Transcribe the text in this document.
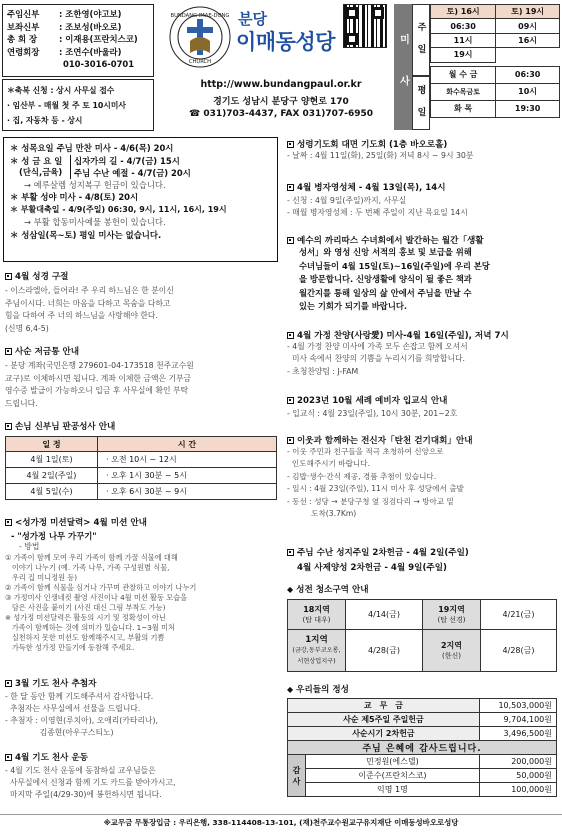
주임신부 : 조한영(야고보)
보좌신부 : 조보성(바오로)
총 회 장	: 이재용(프란치스코)
연령회장 : 조연수(바울라)
010-3016-0701
＊축복 신청 : 상시 사무실 접수
· 임산부 - 매월 첫 주 토 10시미사
· 집, 자동차 등 - 상시
BUNDANG IMAE-DONG
CHURCH
분당
이매동성당
http://www.bundangpaul.or.kr
경기도 성남시 분당구 양현로 170
☎ 031)703-4437, FAX 031)707-6950
미 사 주 일
평 일
토) 16시	토) 19시
06:30	09시
11시	16시
19시	

월 수 금	06:30
화수목금토	10시
화 목	19:30
＊ 성목요일 주님 만찬 미사 - 4/6(목) 20시
＊ 성 금 요 일
(단식,금육)
십자가의 길 - 4/7(금) 15시
주님 수난 예절 - 4/7(금) 20시
→ 예루살렘 성지복구 헌금이 있습니다.
＊ 부활 성야 미사 - 4/8(토) 20시
＊ 부활대축일 - 4/9(주일) 06:30, 9시, 11시, 16시, 19시
→ 부활 합동미사예물 봉헌이 있습니다.
＊ 성삼일(목~토) 평일 미사는 없습니다.
4월 성경 구절
- 이스라엘아, 들어라! 주 우리 하느님은 한 분이신
주님이시다. 너희는 마음을 다하고 목숨을 다하고
힘을 다하여 주 너의 하느님을 사랑해야 한다.
(신명 6,4-5)
사순 저금통 안내
- 분당 계좌(국민은행 279601-04-173518 천주교수원
교구)로 이체하시면 됩니다. 계좌 이체한 금액은 기부금
영수증 발급이 가능하오니 입금 후 사무실에 확인 부탁
드립니다.
손님 신부님 판공성사 안내
일 정	시 간
4월 1일(토)	· 오전 10시 ~ 12시
4월 2일(주일)	· 오후 1시 30분 ~ 5시
4월 5일(수)	· 오후 6시 30분 ~ 9시
<성가정 미션달력> 4월 미션 안내
- "성가정 나무 가꾸기"
- 방법
① 가족이 함께 모여 우리 가족이 함께 가꿀 식물에 대해
이야기 나누기 (예. 가족 나무, 가족 구성원별 식물,
우리 집 미니정원 등)
② 가족이 함께 식물을 심거나 가꾸며 관찰하고 이야기 나누기
③ 가정미사 인생네컷 촬영 사진이나 4월 미션 활동 모습을
담은 사진을 붙이기 (사진 대신 그림 부착도 가능)
※ 성가정 미션달력은 활동의 시기 및 정확성이 아닌
가족이 함께하는 것에 의미가 있습니다. 1~3월 미처
실천하지 못한 미션도 함께해주시고, 부활의 기쁨
가득한 성가정 만들기에 동참해 주세요.
3월 기도 천사 추첨자
- 한 달 동안 함께 기도해주셔서 감사합니다.
추첨자는 사무실에서 선물을 드립니다.
- 추첨자 : 이영현(루치아), 오애리(카타리나),
김종현(아우구스티노)
4월 기도 천사 운동
- 4월 기도 천사 운동에 동참하실 교우님들은
사무실에서 신청과 함께 기도 카드를 받아가시고,
마지막 주일(4/29-30)에 봉헌하시면 됩니다.
성령기도회 대면 기도회 (1층 바오로홀)
- 날짜 : 4월 11일(화), 25일(화) 저녁 8시 ~ 9시 30분
4월 병자영성체 - 4월 13일(목), 14시
- 신청 : 4월 9일(주일)까지, 사무실
- 매월 병자영성체 : 두 번째 주일이 지난 목요일 14시
예수의 까리따스 수녀회에서 발간하는 월간「생활
성서」와 영성 신앙 서적의 홍보 및 보급을 위해
수녀님들이 4월 15일(토)~16일(주일)에 우리 본당
을 방문합니다. 신앙생활에 양식이 될 좋은 책과
월간지를 통해 일상의 삶 안에서 주님을 만날 수
있는 기회가 되기를 바랍니다.
4월 가정 찬양(사랑愛) 미사-4월 16일(주일), 저녁 7시
- 4월 가정 찬양 미사에 가족 모두 손잡고 함께 오셔서
미사 속에서 찬양의 기쁨을 누리시기를 희망합니다.
- 초청찬양팀 : J-FAM
2023년 10월 세례 예비자 입교식 안내
- 입교식 : 4월 23일(주일), 10시 30분, 201~2호
이웃과 함께하는 전신자「탄천 걷기대회」안내
- 이웃 주민과 친구들을 적극 초청하여 신앙으로
인도해주시기 바랍니다.
- 김밥·생수·간식 제공, 경품 추첨이 있습니다.
- 일시 : 4월 23일(주일), 11시 미사 후 성당에서 출발
- 동선 : 성당 → 분당구청 옆 징검다리 → 방아교 밑
도착(3.7Km)
주님 수난 성지주일 2차헌금 - 4월 2일(주일)
4월 사제양성 2차헌금 - 4월 9일(주일)
◆ 성전 청소구역 안내
18지역
(탑 대우)	4/14(금)	19지역
(탑 선경)	4/21(금)
1지역
(금강,동부코오롱,
서현상업지구)	4/28(금)	2지역
(한신)	4/28(금)
◆ 우리들의 정성
교　무　금		10,503,000원
사순 제5주일 주일헌금		9,704,100원
사순시기 2차헌금		3,496,500원
주님 은혜에 감사드립니다.		
감 사	민정원(에스델)	200,000원
	이준수(프란치스코)	50,000원
	익명 1명	100,000원
※교무금 무통장입금 : 우리은행, 338-114408-13-101, (재)천주교수원교구유지재단 이매동성바오로성당
